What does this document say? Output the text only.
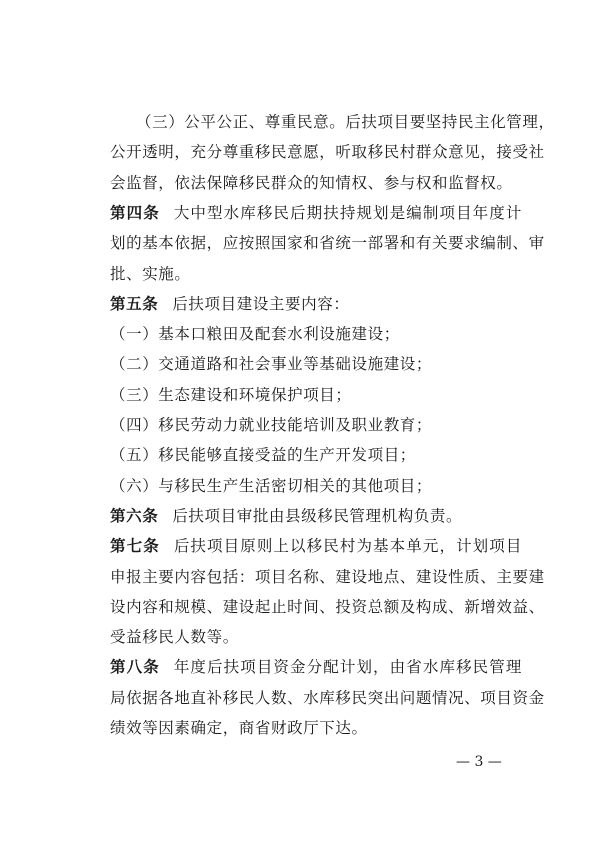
（三）公平公正、尊重民意。后扶项目要坚持民主化管理，
公开透明，充分尊重移民意愿，听取移民村群众意见，接受社
会监督，依法保障移民群众的知情权、参与权和监督权。
第四条 大中型水库移民后期扶持规划是编制项目年度计
划的基本依据，应按照国家和省统一部署和有关要求编制、审
批、实施。
第五条 后扶项目建设主要内容：
（一）基本口粮田及配套水利设施建设；
（二）交通道路和社会事业等基础设施建设；
（三）生态建设和环境保护项目；
（四）移民劳动力就业技能培训及职业教育；
（五）移民能够直接受益的生产开发项目；
（六）与移民生产生活密切相关的其他项目；
第六条 后扶项目审批由县级移民管理机构负责。
第七条 后扶项目原则上以移民村为基本单元，计划项目
申报主要内容包括：项目名称、建设地点、建设性质、主要建
设内容和规模、建设起止时间、投资总额及构成、新增效益、
受益移民人数等。
第八条 年度后扶项目资金分配计划，由省水库移民管理
局依据各地直补移民人数、水库移民突出问题情况、项目资金
绩效等因素确定，商省财政厅下达。
— 3 —
